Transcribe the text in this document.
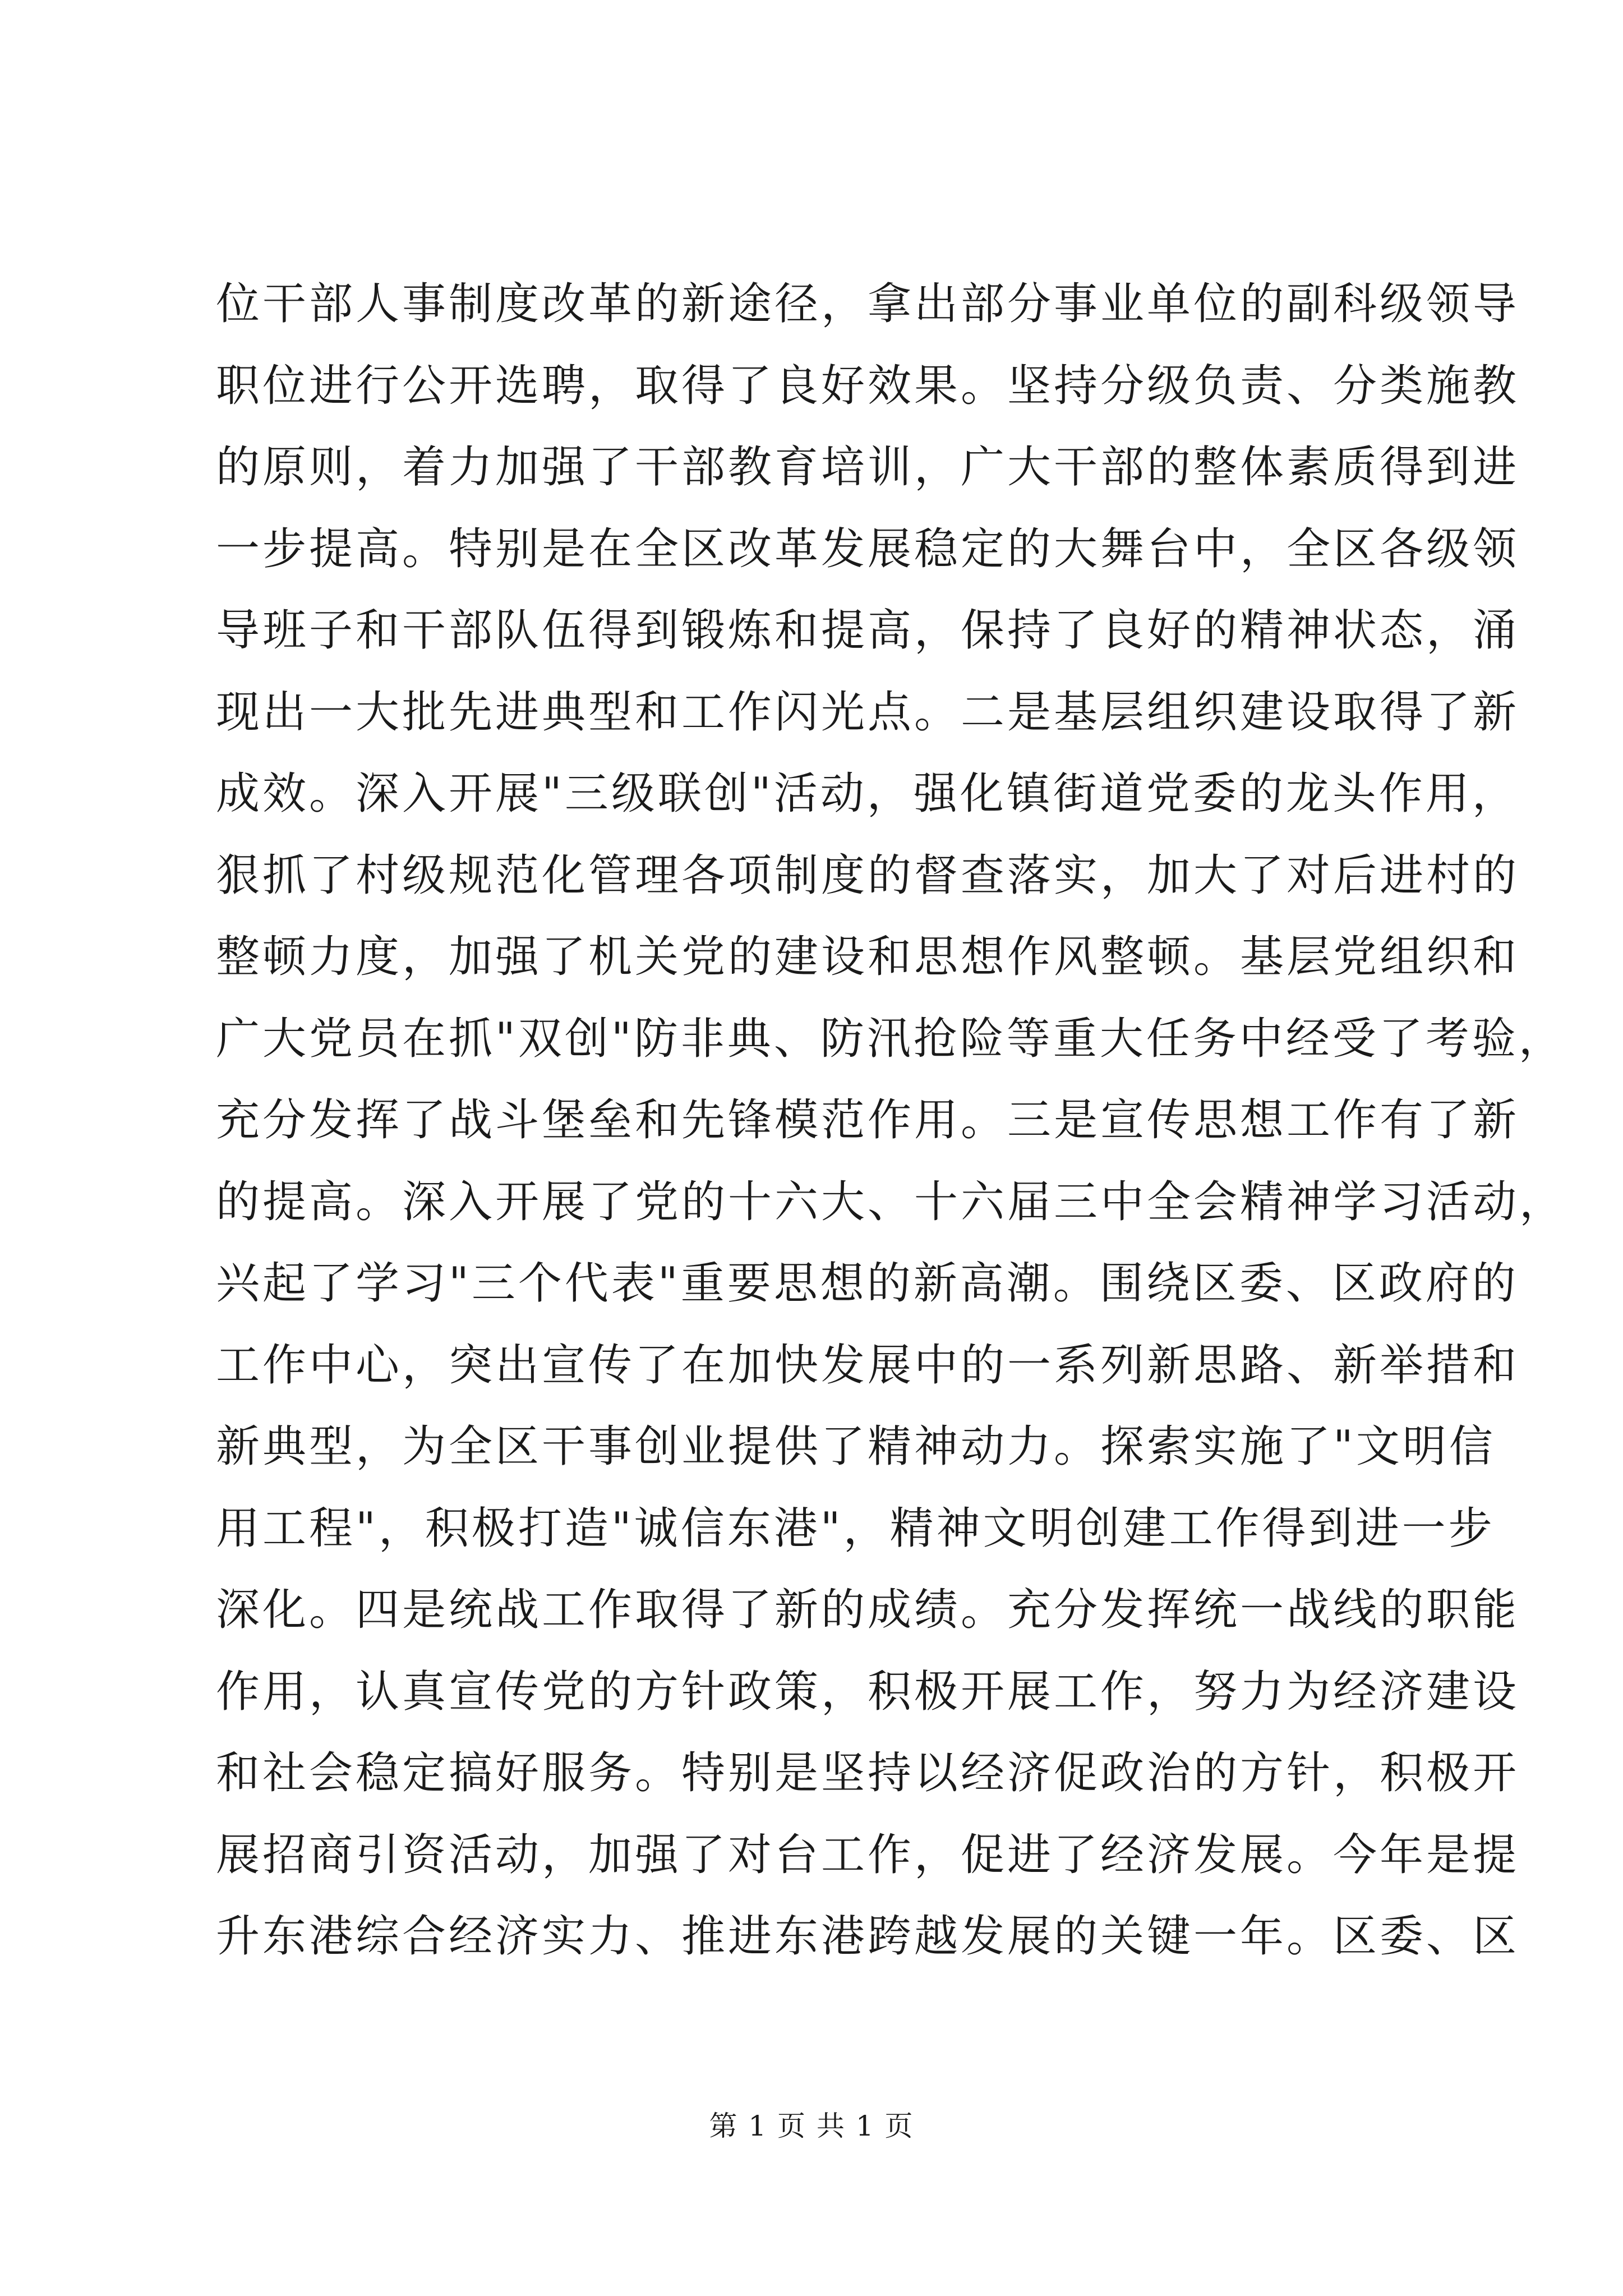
位干部人事制度改革的新途径，拿出部分事业单位的副科级领导
职位进行公开选聘，取得了良好效果。坚持分级负责、分类施教
的原则，着力加强了干部教育培训，广大干部的整体素质得到进
一步提高。特别是在全区改革发展稳定的大舞台中，全区各级领
导班子和干部队伍得到锻炼和提高，保持了良好的精神状态，涌
现出一大批先进典型和工作闪光点。二是基层组织建设取得了新
成效。深入开展"三级联创"活动，强化镇街道党委的龙头作用，
狠抓了村级规范化管理各项制度的督查落实，加大了对后进村的
整顿力度，加强了机关党的建设和思想作风整顿。基层党组织和
广大党员在抓"双创"防非典、防汛抢险等重大任务中经受了考验，
充分发挥了战斗堡垒和先锋模范作用。三是宣传思想工作有了新
的提高。深入开展了党的十六大、十六届三中全会精神学习活动，
兴起了学习"三个代表"重要思想的新高潮。围绕区委、区政府的
工作中心，突出宣传了在加快发展中的一系列新思路、新举措和
新典型，为全区干事创业提供了精神动力。探索实施了"文明信
用工程"，积极打造"诚信东港"，精神文明创建工作得到进一步
深化。四是统战工作取得了新的成绩。充分发挥统一战线的职能
作用，认真宣传党的方针政策，积极开展工作，努力为经济建设
和社会稳定搞好服务。特别是坚持以经济促政治的方针，积极开
展招商引资活动，加强了对台工作，促进了经济发展。今年是提
升东港综合经济实力、推进东港跨越发展的关键一年。区委、区
第 1 页 共 1 页
